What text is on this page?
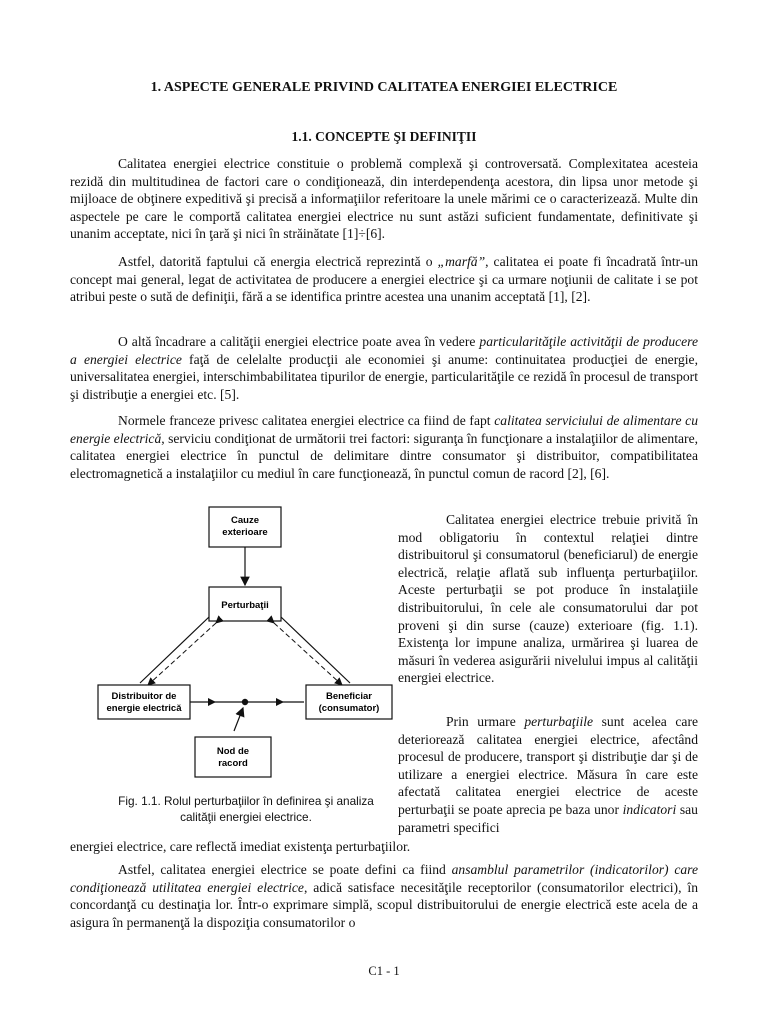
1. ASPECTE GENERALE PRIVIND CALITATEA ENERGIEI ELECTRICE
1.1. CONCEPTE ŞI DEFINIŢII

Calitatea energiei electrice constituie o problemă complexă şi controversată. Complexitatea acesteia rezidă din multitudinea de factori care o condiţionează, din interdependenţa acestora, din lipsa unor metode şi mijloace de obţinere expeditivă şi precisă a informaţiilor referitoare la unele mărimi ce o caracterizează. Multe din aspectele pe care le comportă calitatea energiei electrice nu sunt astăzi suficient fundamentate, definitivate şi unanim acceptate, nici în ţară şi nici în străinătate [1]÷[6].

Astfel, datorită faptului că energia electrică reprezintă o „marfă”, calitatea ei poate fi încadrată într-un concept mai general, legat de activitatea de producere a energiei electrice şi ca urmare noţiunii de calitate i se pot atribui peste o sută de definiţii, fără a se identifica printre acestea una unanim acceptată [1], [2].

O altă încadrare a calităţii energiei electrice poate avea în vedere particularităţile activităţii de producere a energiei electrice faţă de celelalte producţii ale economiei şi anume: continuitatea producţiei de energie, universalitatea energiei, interschimbabilitatea tipurilor de energie, particularităţile ce rezidă în procesul de transport şi distribuţie a energiei etc. [5].

Normele franceze privesc calitatea energiei electrice ca fiind de fapt calitatea serviciului de alimentare cu energie electrică, serviciu condiţionat de următorii trei factori: siguranţa în funcţionare a instalaţiilor de alimentare, calitatea energiei electrice în punctul de delimitare dintre consumator şi distribuitor, compatibilitatea electromagnetică a instalaţiilor cu mediul în care funcţionează, în punctul comun de racord [2], [6].

Cauze
exterioare
Perturbaţii
Distribuitor de
energie electrică
Beneficiar
(consumator)
Nod de
racord
Fig. 1.1. Rolul perturbaţiilor în definirea şi analiza
calităţii energiei electrice.

Calitatea energiei electrice trebuie privită în mod obligatoriu în contextul relaţiei dintre distribuitorul şi consumatorul (beneficiarul) de energie electrică, relaţie aflată sub influenţa perturbaţiilor. Aceste perturbaţii se pot produce în instalaţiile distribuitorului, în cele ale consumatorului dar pot proveni şi din surse (cauze) exterioare (fig. 1.1). Existenţa lor impune analiza, urmărirea şi luarea de măsuri în vederea asigurării nivelului impus al calităţii energiei electrice.

Prin urmare perturbaţiile sunt acelea care deteriorează calitatea energiei electrice, afectând procesul de producere, transport şi distribuţie dar şi de utilizare a energiei electrice. Măsura în care este afectată calitatea energiei electrice de aceste perturbaţii se poate aprecia pe baza unor indicatori sau parametri specifici

energiei electrice, care reflectă imediat existenţa perturbaţiilor.

Astfel, calitatea energiei electrice se poate defini ca fiind ansamblul parametrilor (indicatorilor) care condiţionează utilitatea energiei electrice, adică satisface necesităţile receptorilor (consumatorilor electrici), în concordanţă cu destinaţia lor. Într-o exprimare simplă, scopul distribuitorului de energie electrică este acela de a asigura în permanenţă la dispoziţia consumatorilor o

C1 - 1
